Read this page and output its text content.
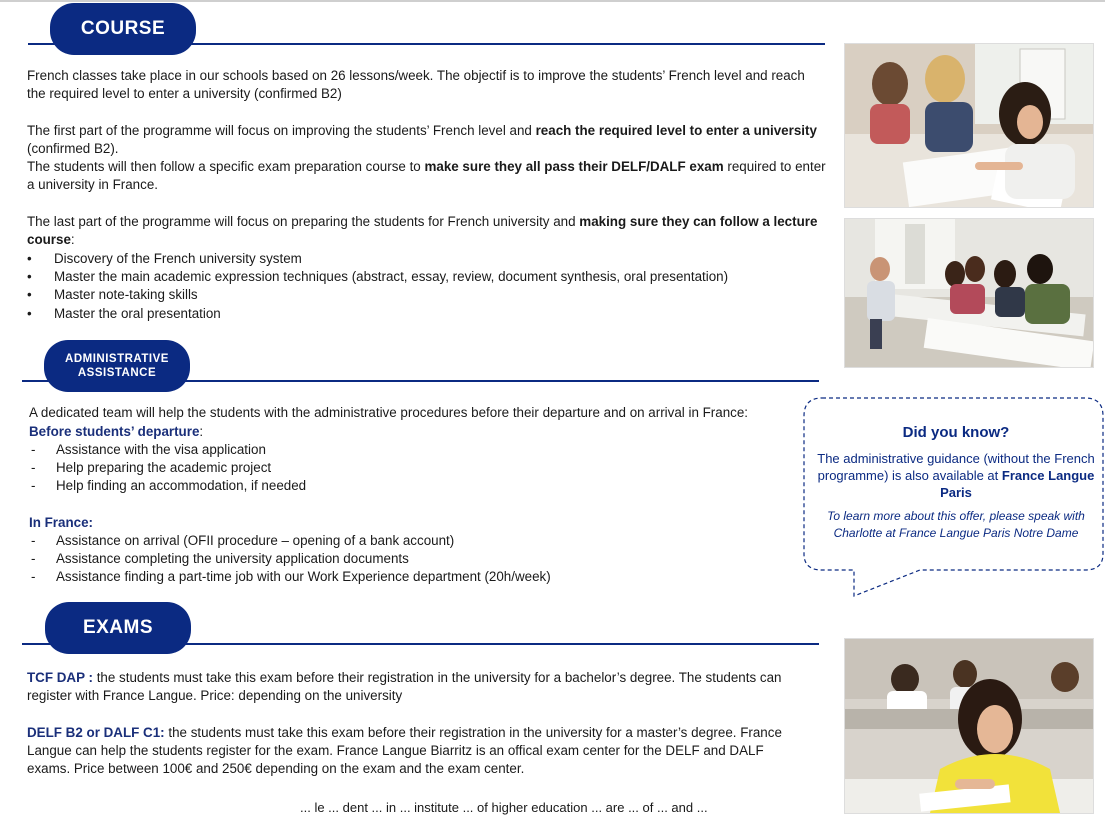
COURSE

French classes take place in our schools based on 26 lessons/week. The objectif is to improve the students’ French level and reach the required level to enter a university (confirmed B2)

The first part of the programme will focus on improving the students’ French level and reach the required level to enter a university (confirmed B2).
The students will then follow a specific exam preparation course to make sure they all pass their DELF/DALF exam required to enter a university in France.

The last part of the programme will focus on preparing the students for French university and making sure they can follow a lecture course:

• Discovery of the French university system
• Master the main academic expression techniques (abstract, essay, review, document synthesis, oral presentation)
• Master note-taking skills
• Master the oral presentation
ADMINISTRATIVE
ASSISTANCE

A dedicated team will help the students with the administrative procedures before their departure and on arrival in France:

Before students’ departure:

- Assistance with the visa application
- Help preparing the academic project
- Help finding an accommodation, if needed

In France:

- Assistance on arrival (OFII procedure – opening of a bank account)
- Assistance completing the university application documents
- Assistance finding a part-time job with our Work Experience department (20h/week)
Did you know?
The administrative guidance (without the French programme) is also available at France Langue Paris
To learn more about this offer, please speak with Charlotte at France Langue Paris Notre Dame
EXAMS

TCF DAP : the students must take this exam before their registration in the university for a bachelor’s degree. The students can register with France Langue. Price: depending on the university

DELF B2 or DALF C1: the students must take this exam before their registration in the university for a master’s degree. France Langue can help the students register for the exam. France Langue Biarritz is an offical exam center for the DELF and DALF exams. Price between 100€ and 250€ depending on the exam and the exam center.

... le ... dent ... in ... institute ... of higher education ... are ... of ... and ...
